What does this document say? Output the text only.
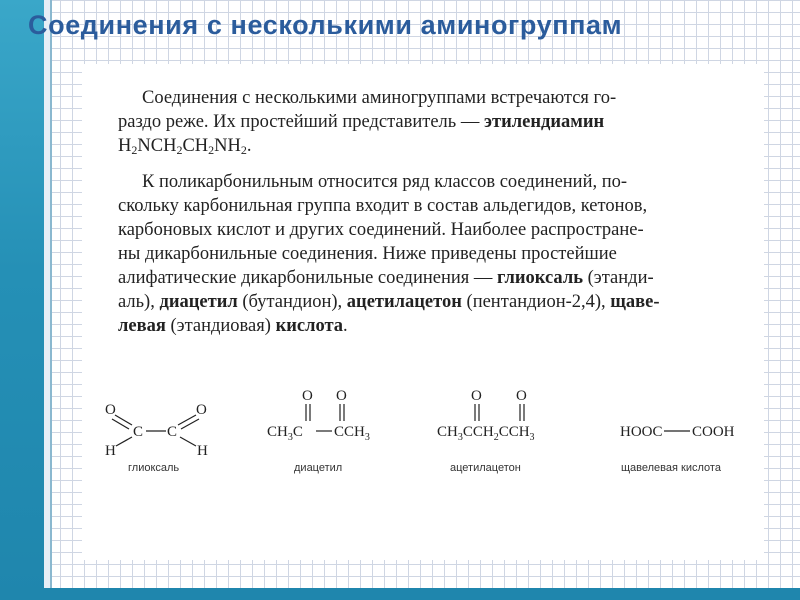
Соединения с несколькими аминогруппам
Соединения с несколькими аминогруппами встречаются го-
раздо реже. Их простейший представитель — этилендиамин
$H_2NCH_2CH_2NH_2$.
К поликарбонильным относится ряд классов соединений, по-
скольку карбонильная группа входит в состав альдегидов, кетонов,
карбоновых кислот и других соединений. Наиболее распростране-
ны дикарбонильные соединения. Ниже приведены простейшие
алифатические дикарбонильные соединения — глиоксаль (этанди-
аль), диацетил (бутандион), ацетилацетон (пентандион-2,4), щаве-
левая (этандиовая) кислота.
O	O
C C
H	H
глиоксаль
O O
$CH_3C$ $CCH_3$
диацетил
O O
$CH_3CCH_2CCH_3$
ацетилацетон
HOOC COOH
щавелевая кислота
